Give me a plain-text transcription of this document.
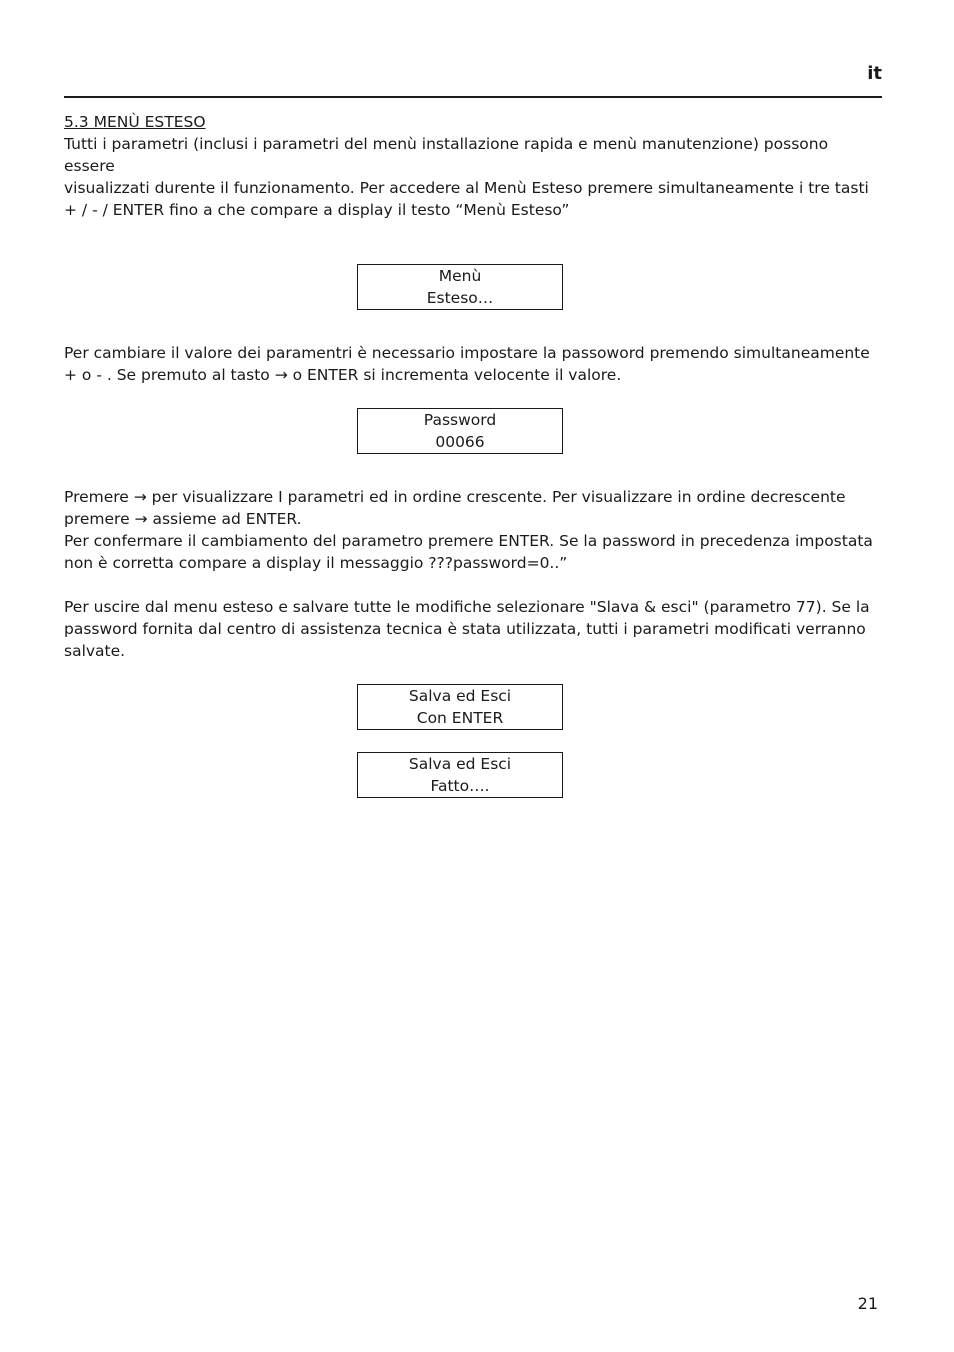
it
5.3 MENÙ ESTESO

Tutti i parametri (inclusi i parametri del menù installazione rapida e menù manutenzione) possono essere
visualizzati durente il funzionamento. Per accedere al Menù Esteso premere simultaneamente i tre tasti
+ / - / ENTER fino a che compare a display il testo “Menù Esteso”

Menù
Esteso…

Per cambiare il valore dei paramentri è necessario impostare la passoword premendo simultaneamente
+ o - . Se premuto al tasto → o ENTER si incrementa velocente il valore.

Password
00066

Premere → per visualizzare I parametri ed in ordine crescente. Per visualizzare in ordine decrescente
premere → assieme ad ENTER.
Per confermare il cambiamento del parametro premere ENTER. Se la password in precedenza impostata
non è corretta compare a display il messaggio ???password=0..”

Per uscire dal menu esteso e salvare tutte le modifiche selezionare "Slava & esci" (parametro 77). Se la
password fornita dal centro di assistenza tecnica è stata utilizzata, tutti i parametri modificati verranno
salvate.

Salva ed Esci
Con ENTER
Salva ed Esci
Fatto….
21
